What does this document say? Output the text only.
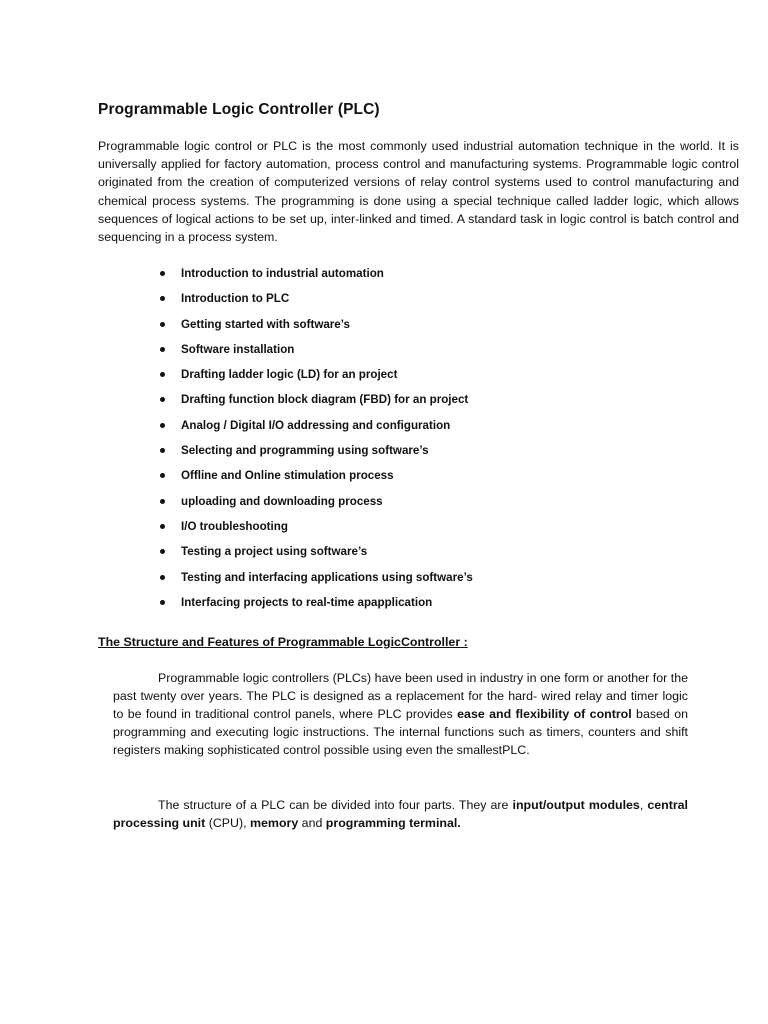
Programmable Logic Controller (PLC)
Programmable logic control or PLC is the most commonly used industrial automation technique in the world. It is universally applied for factory automation, process control and manufacturing systems. Programmable logic control originated from the creation of computerized versions of relay control systems used to control manufacturing and chemical process systems. The programming is done using a special technique called ladder logic, which allows sequences of logical actions to be set up, inter-linked and timed. A standard task in logic control is batch control and sequencing in a process system.
Introduction to industrial automation
Introduction to PLC
Getting started with software’s
Software installation
Drafting ladder logic (LD) for an project
Drafting function block diagram (FBD) for an project
Analog / Digital I/O addressing and configuration
Selecting and programming using software’s
Offline and Online stimulation process
uploading and downloading process
I/O troubleshooting
Testing a project using software’s
Testing and interfacing applications using software’s
Interfacing projects to real-time apapplication
The Structure and Features of Programmable LogicController :
Programmable logic controllers (PLCs) have been used in industry in one form or another for the past twenty over years. The PLC is designed as a replacement for the hard- wired relay and timer logic to be found in traditional control panels, where PLC provides ease and flexibility of control based on programming and executing logic instructions. The internal functions such as timers, counters and shift registers making sophisticated control possible using even the smallestPLC.
The structure of a PLC can be divided into four parts. They are input/output modules, central processing unit (CPU), memory and programming terminal.
